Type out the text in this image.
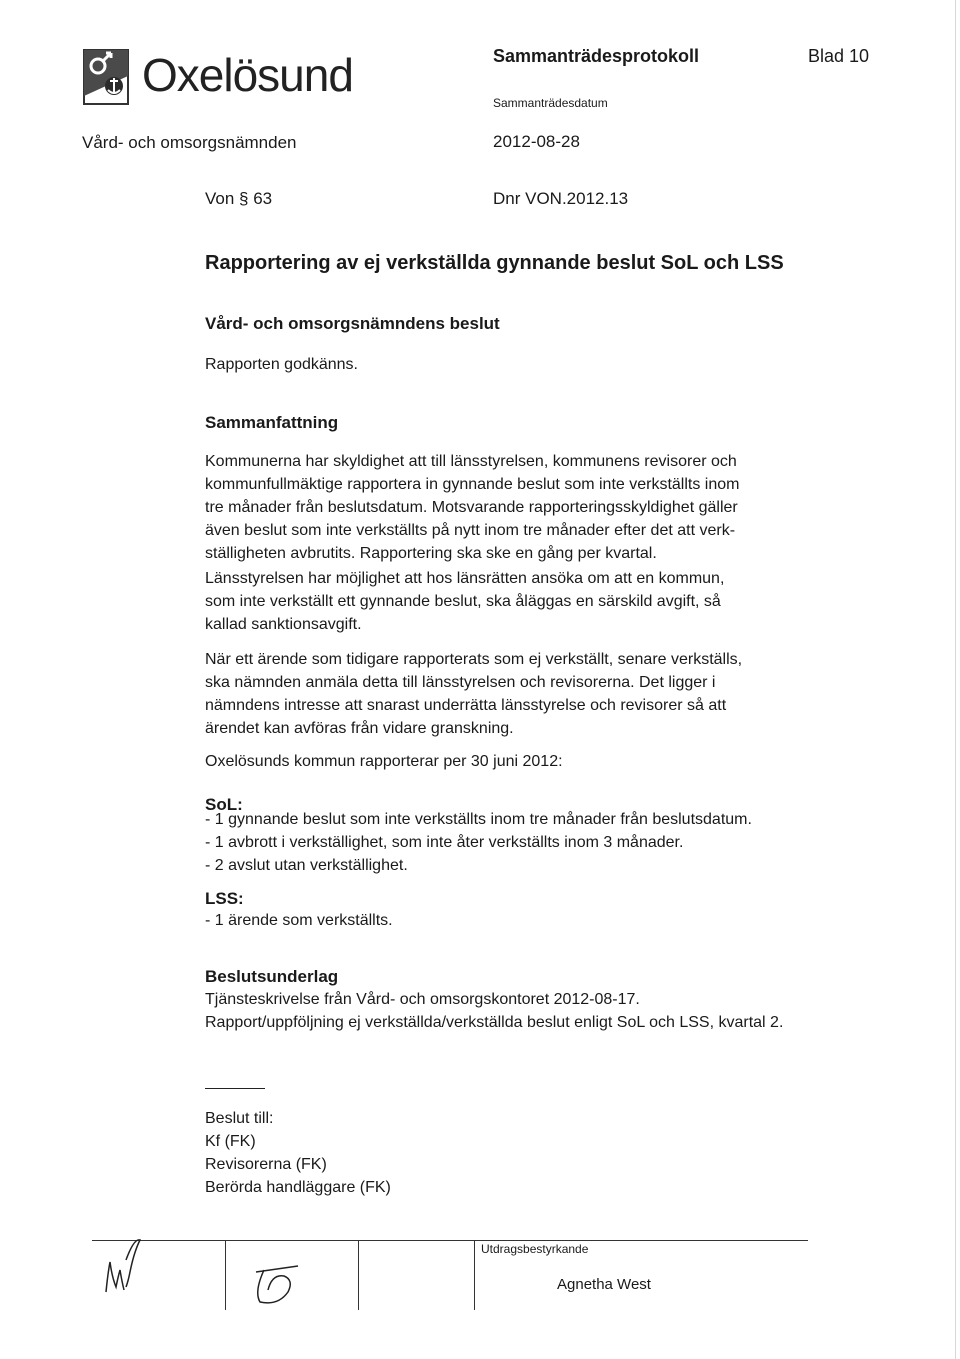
Oxelösund
Vård- och omsorgsnämnden
Sammanträdesprotokoll	Blad 10
Sammanträdesdatum
2012-08-28
Von § 63	Dnr VON.2012.13
Rapportering av ej verkställda gynnande beslut SoL och LSS
Vård- och omsorgsnämndens beslut
Rapporten godkänns.
Sammanfattning
Kommunerna har skyldighet att till länsstyrelsen, kommunens revisorer och
kommunfullmäktige rapportera in gynnande beslut som inte verkställts inom
tre månader från beslutsdatum. Motsvarande rapporteringsskyldighet gäller
även beslut som inte verkställts på nytt inom tre månader efter det att verk-
ställigheten avbrutits. Rapportering ska ske en gång per kvartal.
Länsstyrelsen har möjlighet att hos länsrätten ansöka om att en kommun,
som inte verkställt ett gynnande beslut, ska åläggas en särskild avgift, så
kallad sanktionsavgift.
När ett ärende som tidigare rapporterats som ej verkställt, senare verkställs,
ska nämnden anmäla detta till länsstyrelsen och revisorerna. Det ligger i
nämndens intresse att snarast underrätta länsstyrelse och revisorer så att
ärendet kan avföras från vidare granskning.
Oxelösunds kommun rapporterar per 30 juni 2012:
SoL:
- 1 gynnande beslut som inte verkställts inom tre månader från beslutsdatum.
- 1 avbrott i verkställighet, som inte åter verkställts inom 3 månader.
- 2 avslut utan verkställighet.
LSS:
- 1 ärende som verkställts.
Beslutsunderlag
Tjänsteskrivelse från Vård- och omsorgskontoret 2012-08-17.
Rapport/uppföljning ej verkställda/verkställda beslut enligt SoL och LSS, kvartal 2.
Beslut till:
Kf (FK)
Revisorerna (FK)
Berörda handläggare (FK)
Utdragsbestyrkande
Agnetha West
